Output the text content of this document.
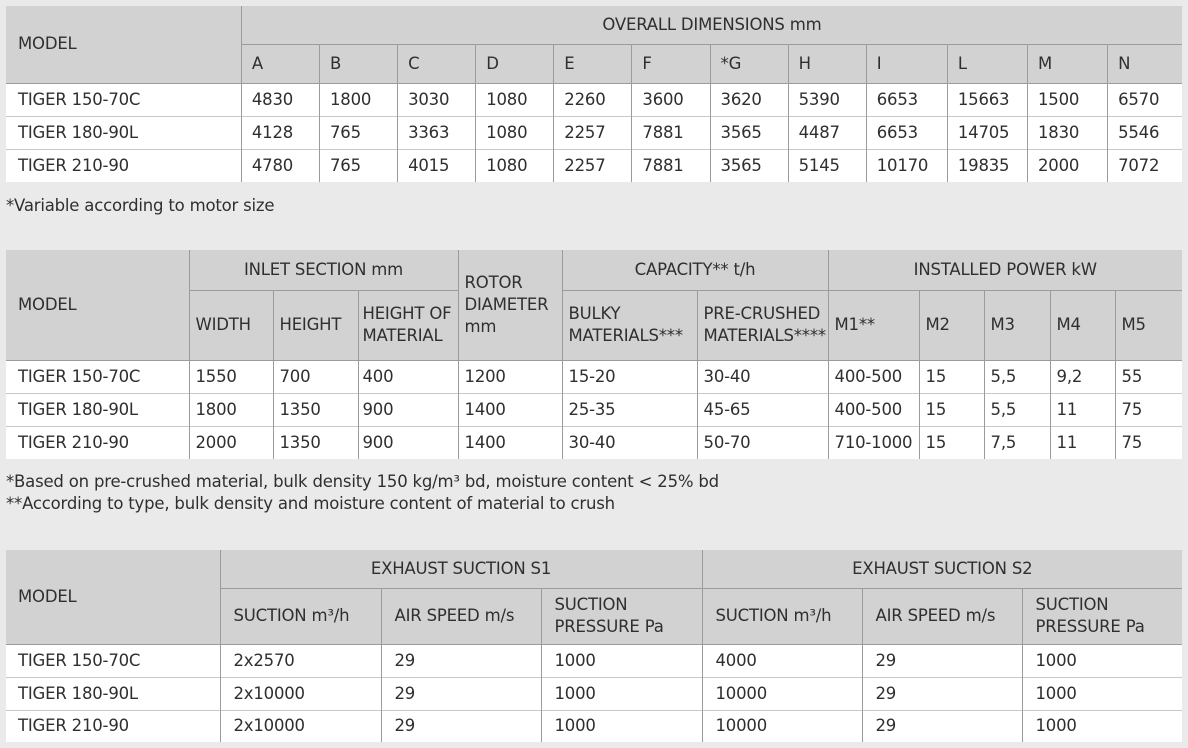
MODEL	OVERALL DIMENSIONS mm											
	A	B	C	D	E	F	*G	H	I	L	M	N
TIGER 150-70C	4830	1800	3030	1080	2260	3600	3620	5390	6653	15663	1500	6570
TIGER 180-90L	4128	765	3363	1080	2257	7881	3565	4487	6653	14705	1830	5546
TIGER 210-90	4780	765	4015	1080	2257	7881	3565	5145	10170	19835	2000	7072
*Variable according to motor size
MODEL	INLET SECTION mm			ROTOR DIAMETER mm	CAPACITY** t/h		INSTALLED POWER kW				
	WIDTH	HEIGHT	HEIGHT OF MATERIAL		BULKY MATERIALS***	PRE-CRUSHED MATERIALS****	M1**	M2	M3	M4	M5
TIGER 150-70C	1550	700	400	1200	15-20	30-40	400-500	15	5,5	9,2	55
TIGER 180-90L	1800	1350	900	1400	25-35	45-65	400-500	15	5,5	11	75
TIGER 210-90	2000	1350	900	1400	30-40	50-70	710-1000	15	7,5	11	75
*Based on pre-crushed material, bulk density 150 kg/m³ bd, moisture content < 25% bd
**According to type, bulk density and moisture content of material to crush
MODEL	EXHAUST SUCTION S1			EXHAUST SUCTION S2		
	SUCTION m³/h	AIR SPEED m/s	SUCTION PRESSURE Pa	SUCTION m³/h	AIR SPEED m/s	SUCTION PRESSURE Pa
TIGER 150-70C	2x2570	29	1000	4000	29	1000
TIGER 180-90L	2x10000	29	1000	10000	29	1000
TIGER 210-90	2x10000	29	1000	10000	29	1000
